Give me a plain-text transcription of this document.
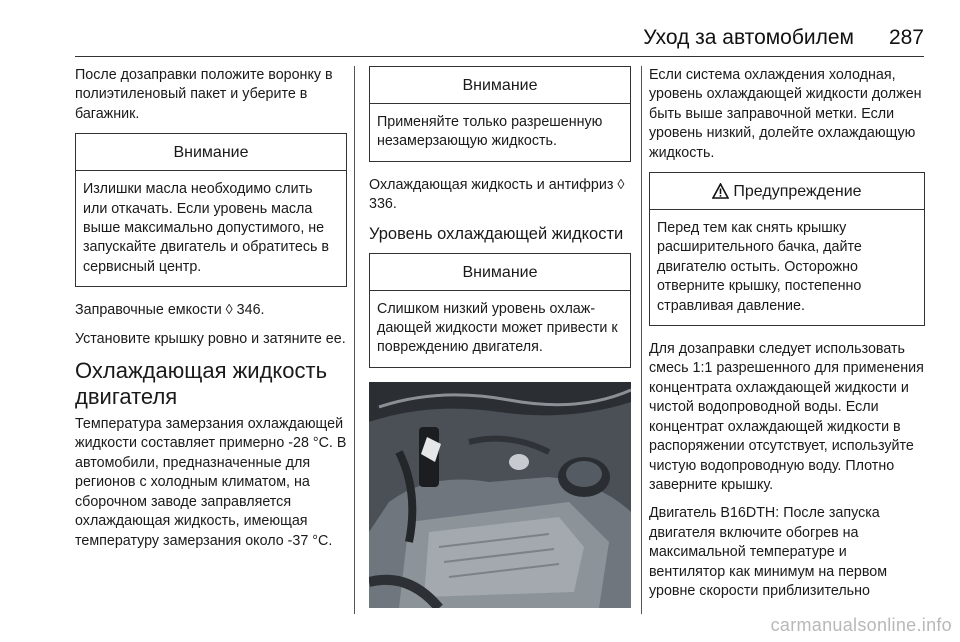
Уход за автомобилем 287

После дозаправки положите воронку в полиэтиленовый пакет и уберите в багажник.

Внимание
Излишки масла необходимо слить или откачать. Если уровень масла выше максимально допустимого, не запускайте двигатель и обратитесь в сервисный центр.

Заправочные емкости ◊ 346.

Установите крышку ровно и затяните ее.

Охлаждающая жидкость двигателя

Температура замерзания охлаждающей жидкости составляет примерно -28 °C. В автомобили, предназначенные для регионов с холодным климатом, на сборочном заводе заправляется охлаждающая жидкость, имеющая температуру замерзания около -37 °C.

Внимание
Применяйте только разрешенную незамерзающую жидкость.

Охлаждающая жидкость и антифриз ◊ 336.

Уровень охлаждающей жидкости
Внимание
Слишком низкий уровень охлаждающей жидкости может привести к повреждению двигателя.

Если система охлаждения холодная, уровень охлаждающей жидкости должен быть выше заправочной метки. Если уровень низкий, долейте охлаждающую жидкость.

Предупреждение
Перед тем как снять крышку расширительного бачка, дайте двигателю остыть. Осторожно отверните крышку, постепенно стравливая давление.

Для дозаправки следует использовать смесь 1:1 разрешенного для применения концентрата охлаждающей жидкости и чистой водопроводной воды. Если концентрат охлаждающей жидкости в распоряжении отсутствует, используйте чистую водопроводную воду. Плотно заверните крышку.

Двигатель B16DTH: После запуска двигателя включите обогрев на максимальной температуре и вентилятор как минимум на первом уровне скорости приблизительно

carmanualsonline.info
